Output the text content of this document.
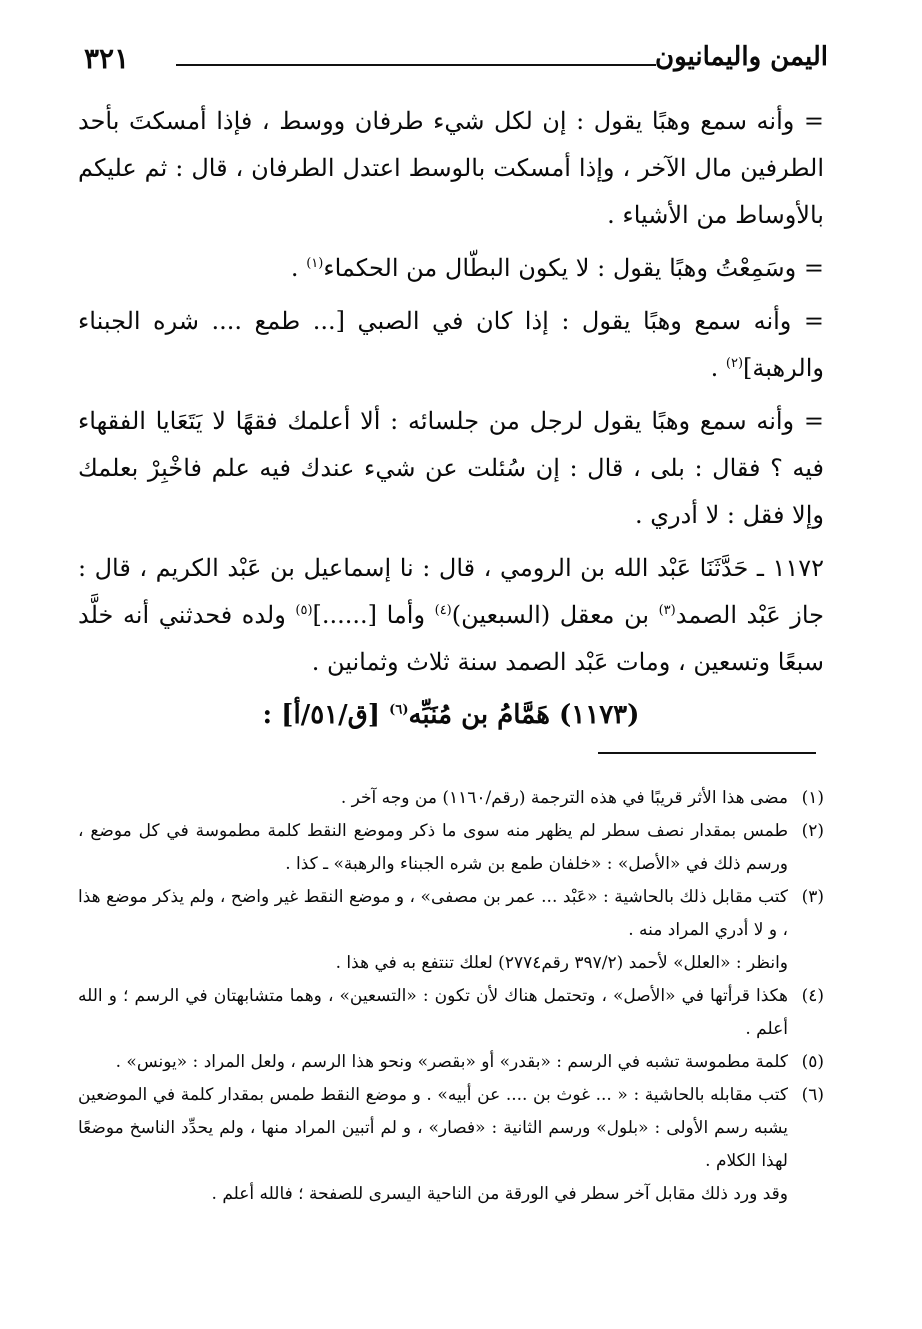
٣٢١	اليمن واليمانيون

= وأنه سمع وهبًا يقول : إن لكل شيء طرفان ووسط ، فإذا أمسكتَ بأحد الطرفين مال الآخر ، وإذا أمسكت بالوسط اعتدل الطرفان ، قال : ثم عليكم بالأوساط من الأشياء .

= وسَمِعْتُ وهبًا يقول : لا يكون البطّال من الحكماء$^{(١)}$ .

= وأنه سمع وهبًا يقول : إذا كان في الصبي [... طمع .... شره الجبناء والرهبة]$^{(٢)}$ .

= وأنه سمع وهبًا يقول لرجل من جلسائه : ألا أعلمك فقهًا لا يَتَعَايا الفقهاء فيه ؟ فقال : بلى ، قال : إن سُئلت عن شيء عندك فيه علم فاخْبِرْ بعلمك وإلا فقل : لا أدري .

١١٧٢ ـ حَدَّثَنَا عَبْد الله بن الرومي ، قال : نا إسماعيل بن عَبْد الكريم ، قال : جاز عَبْد الصمد$^{(٣)}$ بن معقل (السبعين)$^{(٤)}$ وأما [......]$^{(٥)}$ ولده فحدثني أنه خلَّد سبعًا وتسعين ، ومات عَبْد الصمد سنة ثلاث وثمانين .

(١١٧٣) هَمَّامُ بن مُنَبِّه$^{(٦)}$ [ق/٥١/أ] :

(١)
مضى هذا الأثر قريبًا في هذه الترجمة (رقم/١١٦٠) من وجه آخر .
(٢)
طمس بمقدار نصف سطر لم يظهر منه سوى ما ذكر وموضع النقط كلمة مطموسة في كل موضع ، ورسم ذلك في «الأصل» : «خلفان طمع بن شره الجبناء والرهبة» ـ كذا .
(٣)
كتب مقابل ذلك بالحاشية : «عَبْد ... عمر بن مصفى» ، و موضع النقط غير واضح ، ولم يذكر موضع هذا ، و لا أدري المراد منه .
وانظر : «العلل» لأحمد (٣٩٧/٢ رقم٢٧٧٤) لعلك تنتفع به في هذا .
(٤)
هكذا قرأتها في «الأصل» ، وتحتمل هناك لأن تكون : «التسعين» ، وهما متشابهتان في الرسم ؛ و الله أعلم .
(٥)
كلمة مطموسة تشبه في الرسم : «بقدر» أو «بقصر» ونحو هذا الرسم ، ولعل المراد : «يونس» .
(٦)
كتب مقابله بالحاشية : « ... غوث بن .... عن أبيه» . و موضع النقط طمس بمقدار كلمة في الموضعين يشبه رسم الأولى : «بلول» ورسم الثانية : «فصار» ، و لم أتبين المراد منها ، ولم يحدِّد الناسخ موضعًا لهذا الكلام .
وقد ورد ذلك مقابل آخر سطر في الورقة من الناحية اليسرى للصفحة ؛ فالله أعلم .
